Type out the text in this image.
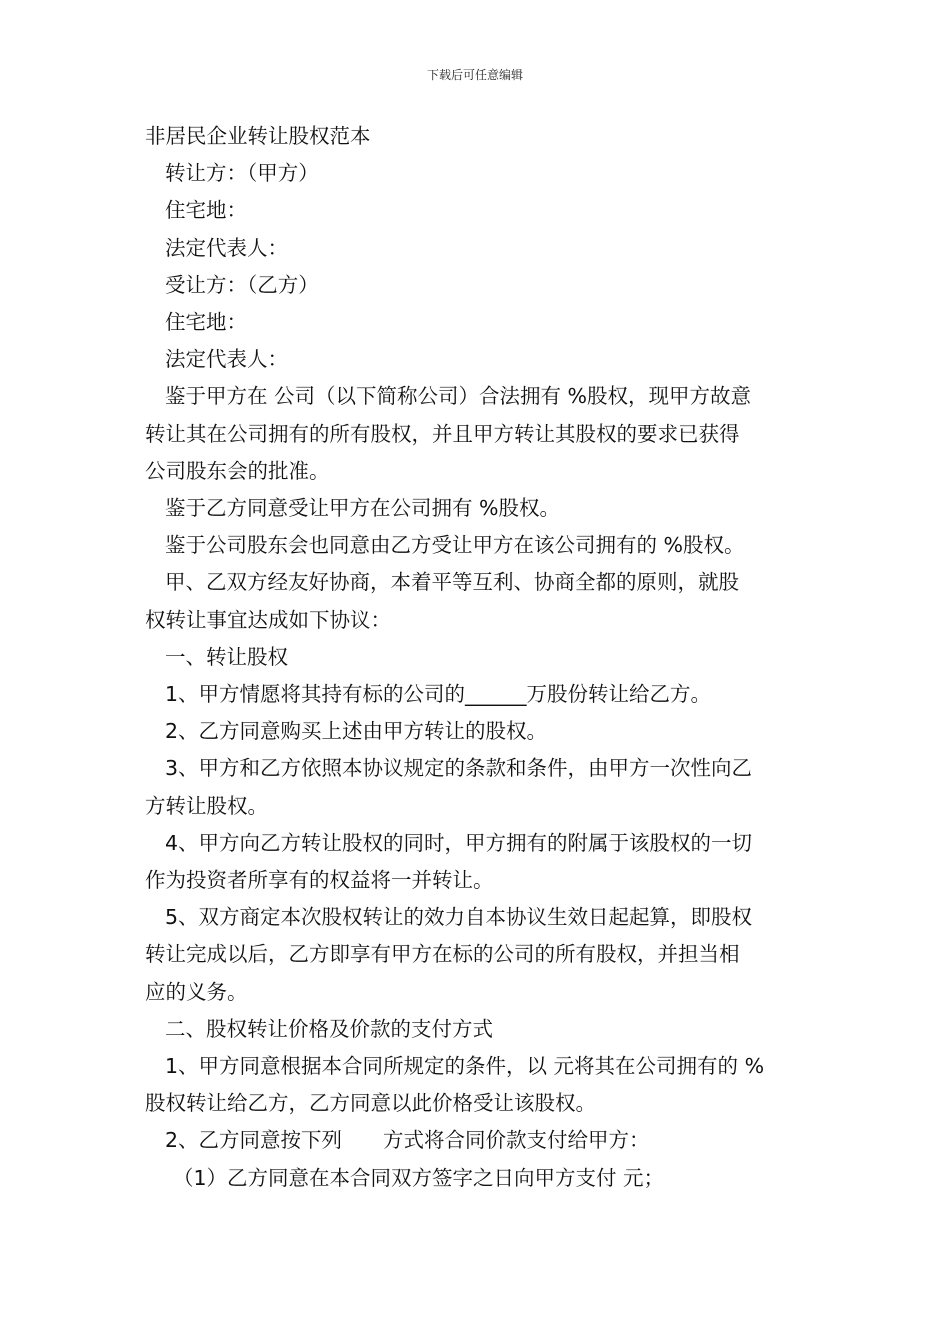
下载后可任意编辑
非居民企业转让股权范本
转让方：（甲方）
住宅地：
法定代表人：
受让方：（乙方）
住宅地：
法定代表人：
鉴于甲方在 公司（以下简称公司）合法拥有 %股权，现甲方故意
转让其在公司拥有的所有股权，并且甲方转让其股权的要求已获得
公司股东会的批准。
鉴于乙方同意受让甲方在公司拥有 %股权。
鉴于公司股东会也同意由乙方受让甲方在该公司拥有的 %股权。
甲、乙双方经友好协商，本着平等互利、协商全都的原则，就股
权转让事宜达成如下协议：
一、转让股权
1、甲方情愿将其持有标的公司的______万股份转让给乙方。
2、乙方同意购买上述由甲方转让的股权。
3、甲方和乙方依照本协议规定的条款和条件，由甲方一次性向乙
方转让股权。
4、甲方向乙方转让股权的同时，甲方拥有的附属于该股权的一切
作为投资者所享有的权益将一并转让。
5、双方商定本次股权转让的效力自本协议生效日起起算，即股权
转让完成以后，乙方即享有甲方在标的公司的所有股权，并担当相
应的义务。
二、股权转让价格及价款的支付方式
1、甲方同意根据本合同所规定的条件，以 元将其在公司拥有的 %
股权转让给乙方，乙方同意以此价格受让该股权。
2、乙方同意按下列　　方式将合同价款支付给甲方：
（1）乙方同意在本合同双方签字之日向甲方支付 元；
